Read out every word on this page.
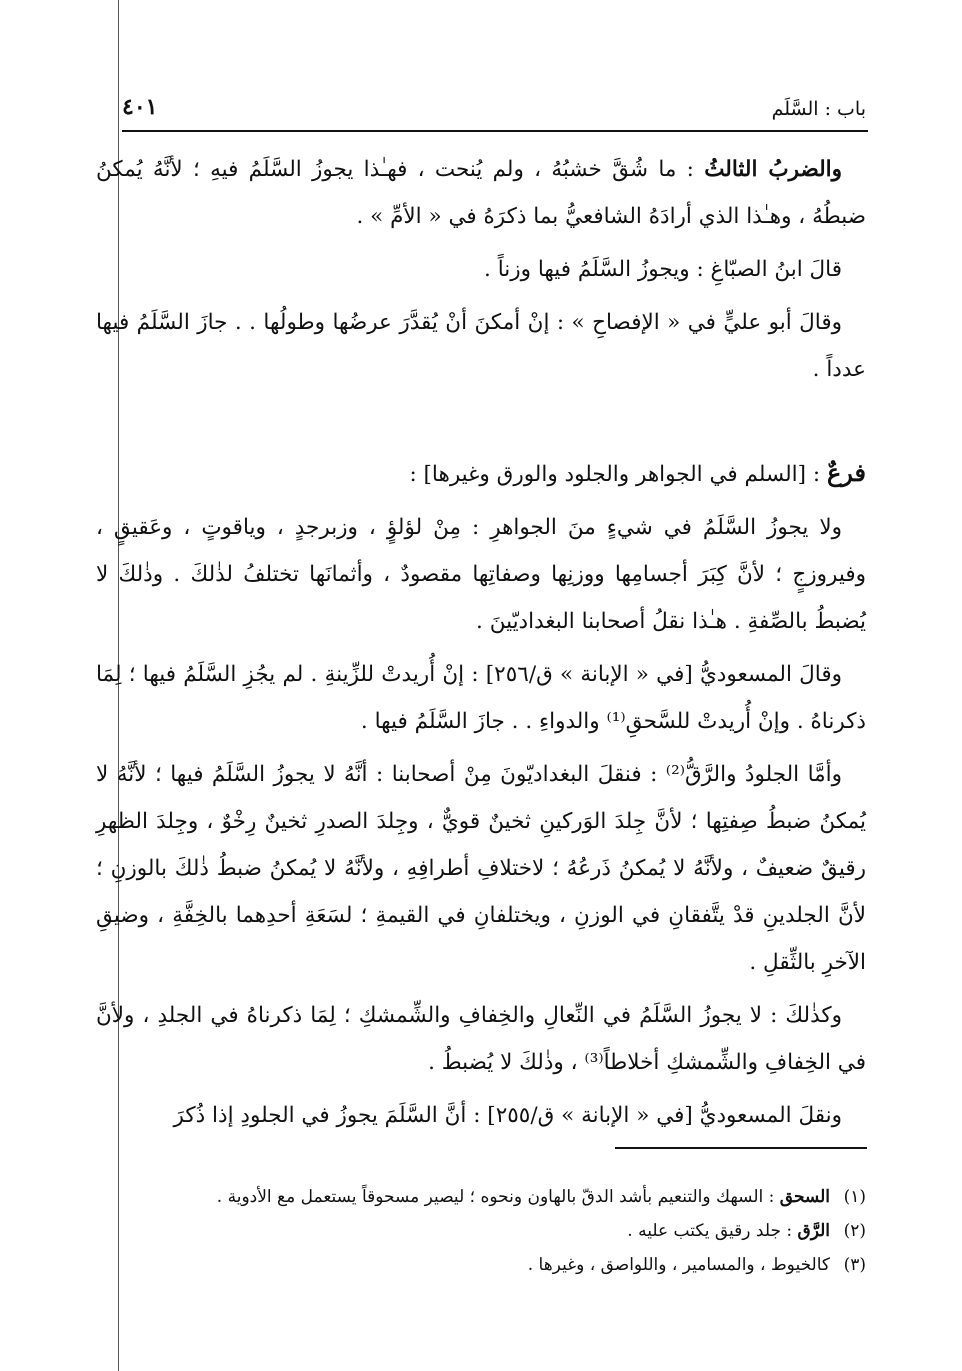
باب : السَّلَم
٤٠١

والضربُ الثالثُ : ما شُقَّ خشبُهُ ، ولم يُنحت ، فهـٰذا يجوزُ السَّلَمُ فيهِ ؛ لأنَّهُ يُمكنُ ضبطُهُ ، وهـٰذا الذي أرادَهُ الشافعيُّ بما ذكرَهُ في « الأمِّ » .

قالَ ابنُ الصبّاغِ : ويجوزُ السَّلَمُ فيها وزناً .

وقالَ أبو عليٍّ في « الإفصاحِ » : إنْ أمكنَ أنْ يُقدَّرَ عرضُها وطولُها . . جازَ السَّلَمُ فيها عدداً .

فرعٌ : [السلم في الجواهر والجلود والورق وغيرها] :

ولا يجوزُ السَّلَمُ في شيءٍ منَ الجواهرِ : مِنْ لؤلؤٍ ، وزبرجدٍ ، وياقوتٍ ، وعَقيقٍ ، وفيروزجٍ ؛ لأنَّ كِبَرَ أجسامِها ووزنِها وصفاتِها مقصودٌ ، وأثمانَها تختلفُ لذٰلكَ . وذٰلكَ لا يُضبطُ بالصِّفةِ . هـٰذا نقلُ أصحابنا البغداديّينَ .

وقالَ المسعوديُّ [في « الإبانة » ق/٢٥٦] : إنْ أُريدتْ للزِّينةِ . لم يجُزِ السَّلَمُ فيها ؛ لِمَا ذكرناهُ . وإنْ أُريدتْ للسَّحقِ⁽¹⁾ والدواءِ . . جازَ السَّلَمُ فيها .

وأمَّا الجلودُ والرَّقُّ⁽²⁾ : فنقلَ البغداديّونَ مِنْ أصحابنا : أنَّهُ لا يجوزُ السَّلَمُ فيها ؛ لأنَّهُ لا يُمكنُ ضبطُ صِفتِها ؛ لأنَّ جِلدَ الوَركينِ ثخينٌ قويٌّ ، وجِلدَ الصدرِ ثخينٌ رِخْوٌ ، وجِلدَ الظهرِ رقيقٌ ضعيفٌ ، ولأنَّهُ لا يُمكنُ ذَرعُهُ ؛ لاختلافِ أطرافِهِ ، ولأنَّهُ لا يُمكنُ ضبطُ ذٰلكَ بالوزنِ ؛ لأنَّ الجلدينِ قدْ يتَّفقانِ في الوزنِ ، ويختلفانِ في القيمةِ ؛ لسَعَةِ أحدِهما بالخِفَّةِ ، وضيقِ الآخرِ بالثِّقلِ .

وكذٰلكَ : لا يجوزُ السَّلَمُ في النِّعالِ والخِفافِ والشِّمشكِ ؛ لِمَا ذكرناهُ في الجلدِ ، ولأنَّ في الخِفافِ والشِّمشكِ أخلاطاً⁽³⁾ ، وذٰلكَ لا يُضبطُ .

ونقلَ المسعوديُّ [في « الإبانة » ق/٢٥٥] : أنَّ السَّلَمَ يجوزُ في الجلودِ إذا ذُكرَ

(١)السحق : السهك والتنعيم بأشد الدقّ بالهاون ونحوه ؛ ليصير مسحوقاً يستعمل مع الأدوية .

(٢)الرَّق : جلد رقيق يكتب عليه .

(٣)كالخيوط ، والمسامير ، واللواصق ، وغيرها .
